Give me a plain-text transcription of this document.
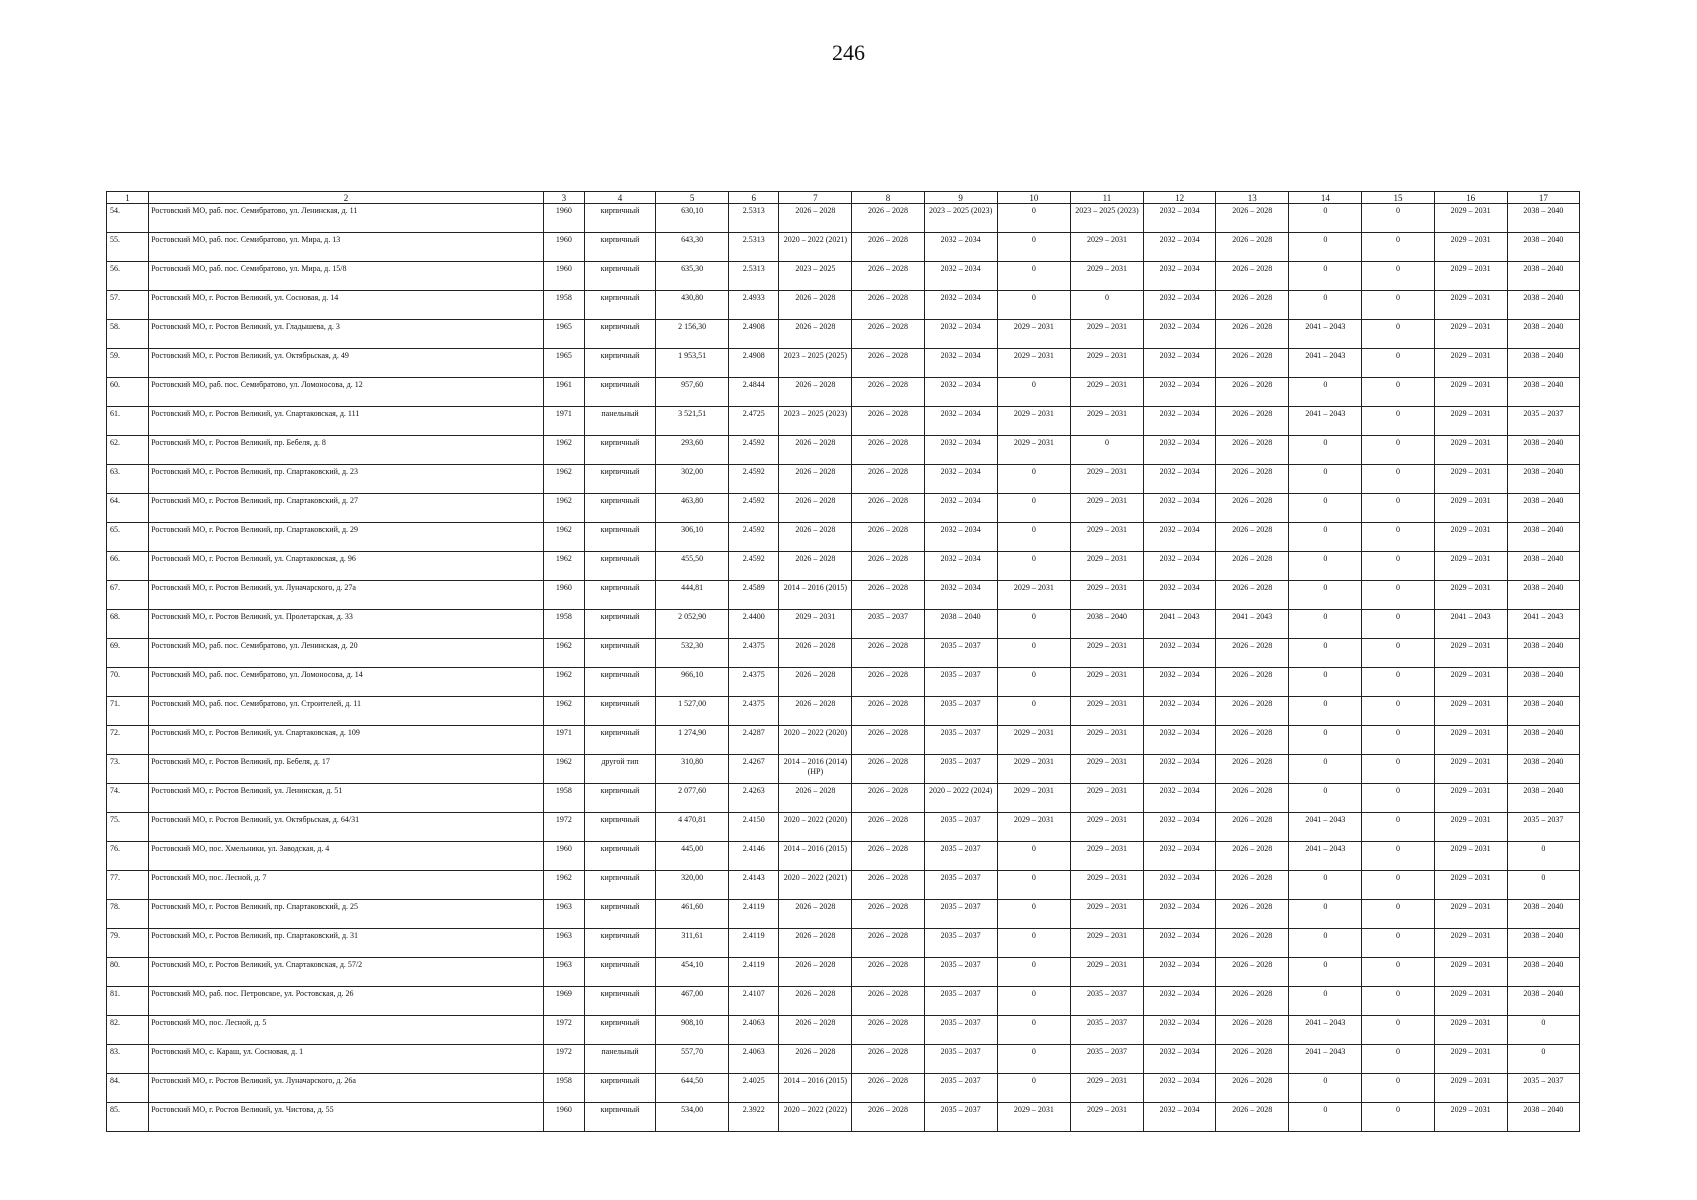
246
1	2	3	4	5	6	7	8	9	10	11	12	13	14	15	16	17
54.	Ростовский МО, раб. пос. Семибратово, ул. Ленинская, д. 11	1960	кирпичный	630,10	2.5313	2026 – 2028	2026 – 2028	2023 – 2025 (2023)	0	2023 – 2025 (2023)	2032 – 2034	2026 – 2028	0	0	2029 – 2031	2038 – 2040
55.	Ростовский МО, раб. пос. Семибратово, ул. Мира, д. 13	1960	кирпичный	643,30	2.5313	2020 – 2022 (2021)	2026 – 2028	2032 – 2034	0	2029 – 2031	2032 – 2034	2026 – 2028	0	0	2029 – 2031	2038 – 2040
56.	Ростовский МО, раб. пос. Семибратово, ул. Мира, д. 15/8	1960	кирпичный	635,30	2.5313	2023 – 2025	2026 – 2028	2032 – 2034	0	2029 – 2031	2032 – 2034	2026 – 2028	0	0	2029 – 2031	2038 – 2040
57.	Ростовский МО, г. Ростов Великий, ул. Сосновая, д. 14	1958	кирпичный	430,80	2.4933	2026 – 2028	2026 – 2028	2032 – 2034	0	0	2032 – 2034	2026 – 2028	0	0	2029 – 2031	2038 – 2040
58.	Ростовский МО, г. Ростов Великий, ул. Гладышева, д. 3	1965	кирпичный	2 156,30	2.4908	2026 – 2028	2026 – 2028	2032 – 2034	2029 – 2031	2029 – 2031	2032 – 2034	2026 – 2028	2041 – 2043	0	2029 – 2031	2038 – 2040
59.	Ростовский МО, г. Ростов Великий, ул. Октябрьская, д. 49	1965	кирпичный	1 953,51	2.4908	2023 – 2025 (2025)	2026 – 2028	2032 – 2034	2029 – 2031	2029 – 2031	2032 – 2034	2026 – 2028	2041 – 2043	0	2029 – 2031	2038 – 2040
60.	Ростовский МО, раб. пос. Семибратово, ул. Ломоносова, д. 12	1961	кирпичный	957,60	2.4844	2026 – 2028	2026 – 2028	2032 – 2034	0	2029 – 2031	2032 – 2034	2026 – 2028	0	0	2029 – 2031	2038 – 2040
61.	Ростовский МО, г. Ростов Великий, ул. Спартаковская, д. 111	1971	панельный	3 521,51	2.4725	2023 – 2025 (2023)	2026 – 2028	2032 – 2034	2029 – 2031	2029 – 2031	2032 – 2034	2026 – 2028	2041 – 2043	0	2029 – 2031	2035 – 2037
62.	Ростовский МО, г. Ростов Великий, пр. Бебеля, д. 8	1962	кирпичный	293,60	2.4592	2026 – 2028	2026 – 2028	2032 – 2034	2029 – 2031	0	2032 – 2034	2026 – 2028	0	0	2029 – 2031	2038 – 2040
63.	Ростовский МО, г. Ростов Великий, пр. Спартаковский, д. 23	1962	кирпичный	302,00	2.4592	2026 – 2028	2026 – 2028	2032 – 2034	0	2029 – 2031	2032 – 2034	2026 – 2028	0	0	2029 – 2031	2038 – 2040
64.	Ростовский МО, г. Ростов Великий, пр. Спартаковский, д. 27	1962	кирпичный	463,80	2.4592	2026 – 2028	2026 – 2028	2032 – 2034	0	2029 – 2031	2032 – 2034	2026 – 2028	0	0	2029 – 2031	2038 – 2040
65.	Ростовский МО, г. Ростов Великий, пр. Спартаковский, д. 29	1962	кирпичный	306,10	2.4592	2026 – 2028	2026 – 2028	2032 – 2034	0	2029 – 2031	2032 – 2034	2026 – 2028	0	0	2029 – 2031	2038 – 2040
66.	Ростовский МО, г. Ростов Великий, ул. Спартаковская, д. 96	1962	кирпичный	455,50	2.4592	2026 – 2028	2026 – 2028	2032 – 2034	0	2029 – 2031	2032 – 2034	2026 – 2028	0	0	2029 – 2031	2038 – 2040
67.	Ростовский МО, г. Ростов Великий, ул. Луначарского, д. 27а	1960	кирпичный	444,81	2.4589	2014 – 2016 (2015)	2026 – 2028	2032 – 2034	2029 – 2031	2029 – 2031	2032 – 2034	2026 – 2028	0	0	2029 – 2031	2038 – 2040
68.	Ростовский МО, г. Ростов Великий, ул. Пролетарская, д. 33	1958	кирпичный	2 052,90	2.4400	2029 – 2031	2035 – 2037	2038 – 2040	0	2038 – 2040	2041 – 2043	2041 – 2043	0	0	2041 – 2043	2041 – 2043
69.	Ростовский МО, раб. пос. Семибратово, ул. Ленинская, д. 20	1962	кирпичный	532,30	2.4375	2026 – 2028	2026 – 2028	2035 – 2037	0	2029 – 2031	2032 – 2034	2026 – 2028	0	0	2029 – 2031	2038 – 2040
70.	Ростовский МО, раб. пос. Семибратово, ул. Ломоносова, д. 14	1962	кирпичный	966,10	2.4375	2026 – 2028	2026 – 2028	2035 – 2037	0	2029 – 2031	2032 – 2034	2026 – 2028	0	0	2029 – 2031	2038 – 2040
71.	Ростовский МО, раб. пос. Семибратово, ул. Строителей, д. 11	1962	кирпичный	1 527,00	2.4375	2026 – 2028	2026 – 2028	2035 – 2037	0	2029 – 2031	2032 – 2034	2026 – 2028	0	0	2029 – 2031	2038 – 2040
72.	Ростовский МО, г. Ростов Великий, ул. Спартаковская, д. 109	1971	кирпичный	1 274,90	2.4287	2020 – 2022 (2020)	2026 – 2028	2035 – 2037	2029 – 2031	2029 – 2031	2032 – 2034	2026 – 2028	0	0	2029 – 2031	2038 – 2040
73.	Ростовский МО, г. Ростов Великий, пр. Бебеля, д. 17	1962	другой тип	310,80	2.4267	2014 – 2016 (2014) (НР)	2026 – 2028	2035 – 2037	2029 – 2031	2029 – 2031	2032 – 2034	2026 – 2028	0	0	2029 – 2031	2038 – 2040
74.	Ростовский МО, г. Ростов Великий, ул. Ленинская, д. 51	1958	кирпичный	2 077,60	2.4263	2026 – 2028	2026 – 2028	2020 – 2022 (2024)	2029 – 2031	2029 – 2031	2032 – 2034	2026 – 2028	0	0	2029 – 2031	2038 – 2040
75.	Ростовский МО, г. Ростов Великий, ул. Октябрьская, д. 64/31	1972	кирпичный	4 470,81	2.4150	2020 – 2022 (2020)	2026 – 2028	2035 – 2037	2029 – 2031	2029 – 2031	2032 – 2034	2026 – 2028	2041 – 2043	0	2029 – 2031	2035 – 2037
76.	Ростовский МО, пос. Хмельники, ул. Заводская, д. 4	1960	кирпичный	445,00	2.4146	2014 – 2016 (2015)	2026 – 2028	2035 – 2037	0	2029 – 2031	2032 – 2034	2026 – 2028	2041 – 2043	0	2029 – 2031	0
77.	Ростовский МО, пос. Лесной, д. 7	1962	кирпичный	320,00	2.4143	2020 – 2022 (2021)	2026 – 2028	2035 – 2037	0	2029 – 2031	2032 – 2034	2026 – 2028	0	0	2029 – 2031	0
78.	Ростовский МО, г. Ростов Великий, пр. Спартаковский, д. 25	1963	кирпичный	461,60	2.4119	2026 – 2028	2026 – 2028	2035 – 2037	0	2029 – 2031	2032 – 2034	2026 – 2028	0	0	2029 – 2031	2038 – 2040
79.	Ростовский МО, г. Ростов Великий, пр. Спартаковский, д. 31	1963	кирпичный	311,61	2.4119	2026 – 2028	2026 – 2028	2035 – 2037	0	2029 – 2031	2032 – 2034	2026 – 2028	0	0	2029 – 2031	2038 – 2040
80.	Ростовский МО, г. Ростов Великий, ул. Спартаковская, д. 57/2	1963	кирпичный	454,10	2.4119	2026 – 2028	2026 – 2028	2035 – 2037	0	2029 – 2031	2032 – 2034	2026 – 2028	0	0	2029 – 2031	2038 – 2040
81.	Ростовский МО, раб. пос. Петровское, ул. Ростовская, д. 26	1969	кирпичный	467,00	2.4107	2026 – 2028	2026 – 2028	2035 – 2037	0	2035 – 2037	2032 – 2034	2026 – 2028	0	0	2029 – 2031	2038 – 2040
82.	Ростовский МО, пос. Лесной, д. 5	1972	кирпичный	908,10	2.4063	2026 – 2028	2026 – 2028	2035 – 2037	0	2035 – 2037	2032 – 2034	2026 – 2028	2041 – 2043	0	2029 – 2031	0
83.	Ростовский МО, с. Караш, ул. Сосновая, д. 1	1972	панельный	557,70	2.4063	2026 – 2028	2026 – 2028	2035 – 2037	0	2035 – 2037	2032 – 2034	2026 – 2028	2041 – 2043	0	2029 – 2031	0
84.	Ростовский МО, г. Ростов Великий, ул. Луначарского, д. 26а	1958	кирпичный	644,50	2.4025	2014 – 2016 (2015)	2026 – 2028	2035 – 2037	0	2029 – 2031	2032 – 2034	2026 – 2028	0	0	2029 – 2031	2035 – 2037
85.	Ростовский МО, г. Ростов Великий, ул. Чистова, д. 55	1960	кирпичный	534,00	2.3922	2020 – 2022 (2022)	2026 – 2028	2035 – 2037	2029 – 2031	2029 – 2031	2032 – 2034	2026 – 2028	0	0	2029 – 2031	2038 – 2040
